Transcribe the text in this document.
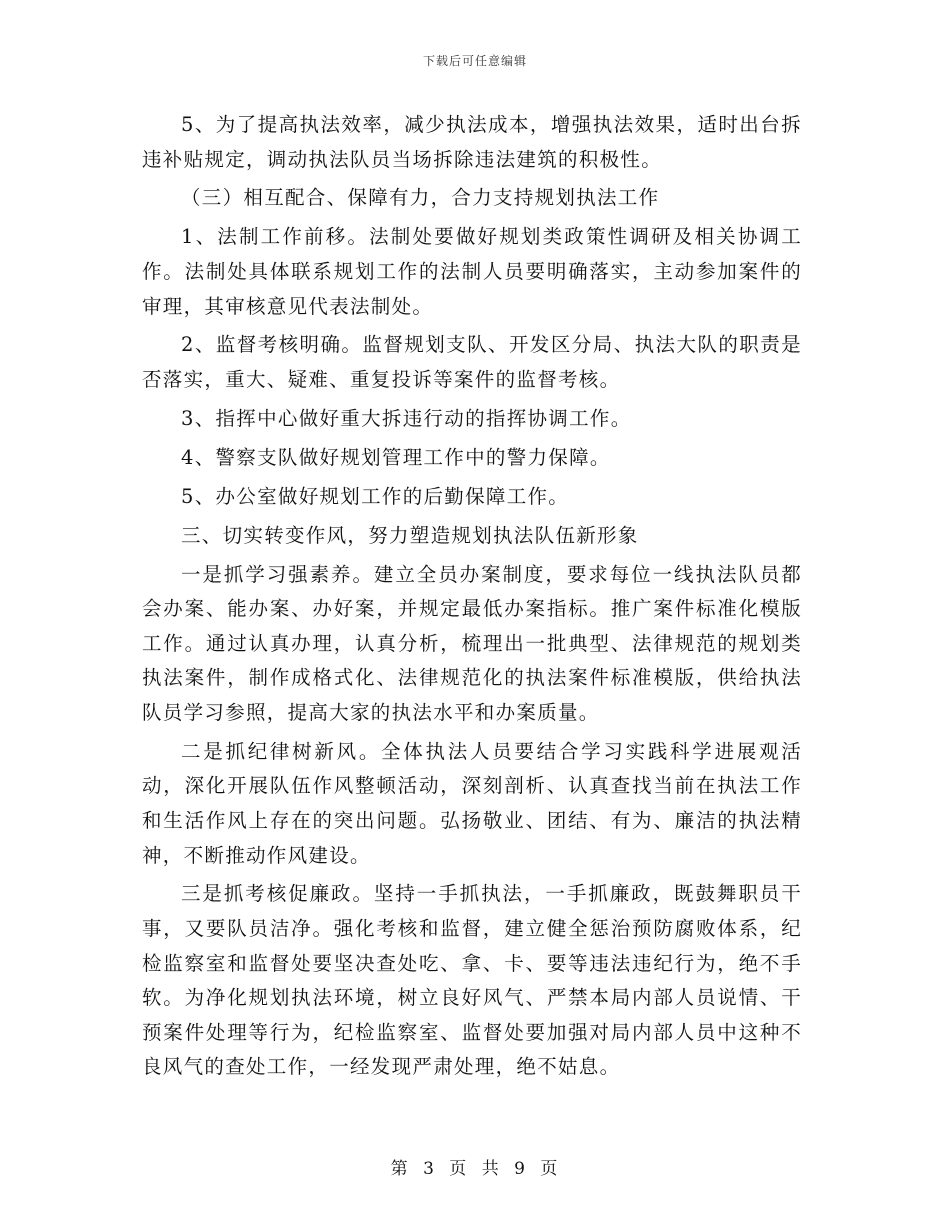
下载后可任意编辑

5、为了提高执法效率，减少执法成本，增强执法效果，适时出台拆违补贴规定，调动执法队员当场拆除违法建筑的积极性。

（三）相互配合、保障有力，合力支持规划执法工作

1、法制工作前移。法制处要做好规划类政策性调研及相关协调工作。法制处具体联系规划工作的法制人员要明确落实，主动参加案件的审理，其审核意见代表法制处。

2、监督考核明确。监督规划支队、开发区分局、执法大队的职责是否落实，重大、疑难、重复投诉等案件的监督考核。

3、指挥中心做好重大拆违行动的指挥协调工作。

4、警察支队做好规划管理工作中的警力保障。

5、办公室做好规划工作的后勤保障工作。

三、切实转变作风，努力塑造规划执法队伍新形象

一是抓学习强素养。建立全员办案制度，要求每位一线执法队员都会办案、能办案、办好案，并规定最低办案指标。推广案件标准化模版工作。通过认真办理，认真分析，梳理出一批典型、法律规范的规划类执法案件，制作成格式化、法律规范化的执法案件标准模版，供给执法队员学习参照，提高大家的执法水平和办案质量。

二是抓纪律树新风。全体执法人员要结合学习实践科学进展观活动，深化开展队伍作风整顿活动，深刻剖析、认真查找当前在执法工作和生活作风上存在的突出问题。弘扬敬业、团结、有为、廉洁的执法精神，不断推动作风建设。

三是抓考核促廉政。坚持一手抓执法，一手抓廉政，既鼓舞职员干事，又要队员洁净。强化考核和监督，建立健全惩治预防腐败体系，纪检监察室和监督处要坚决查处吃、拿、卡、要等违法违纪行为，绝不手软。为净化规划执法环境，树立良好风气、严禁本局内部人员说情、干预案件处理等行为，纪检监察室、监督处要加强对局内部人员中这种不良风气的查处工作，一经发现严肃处理，绝不姑息。

第 3 页 共 9 页
